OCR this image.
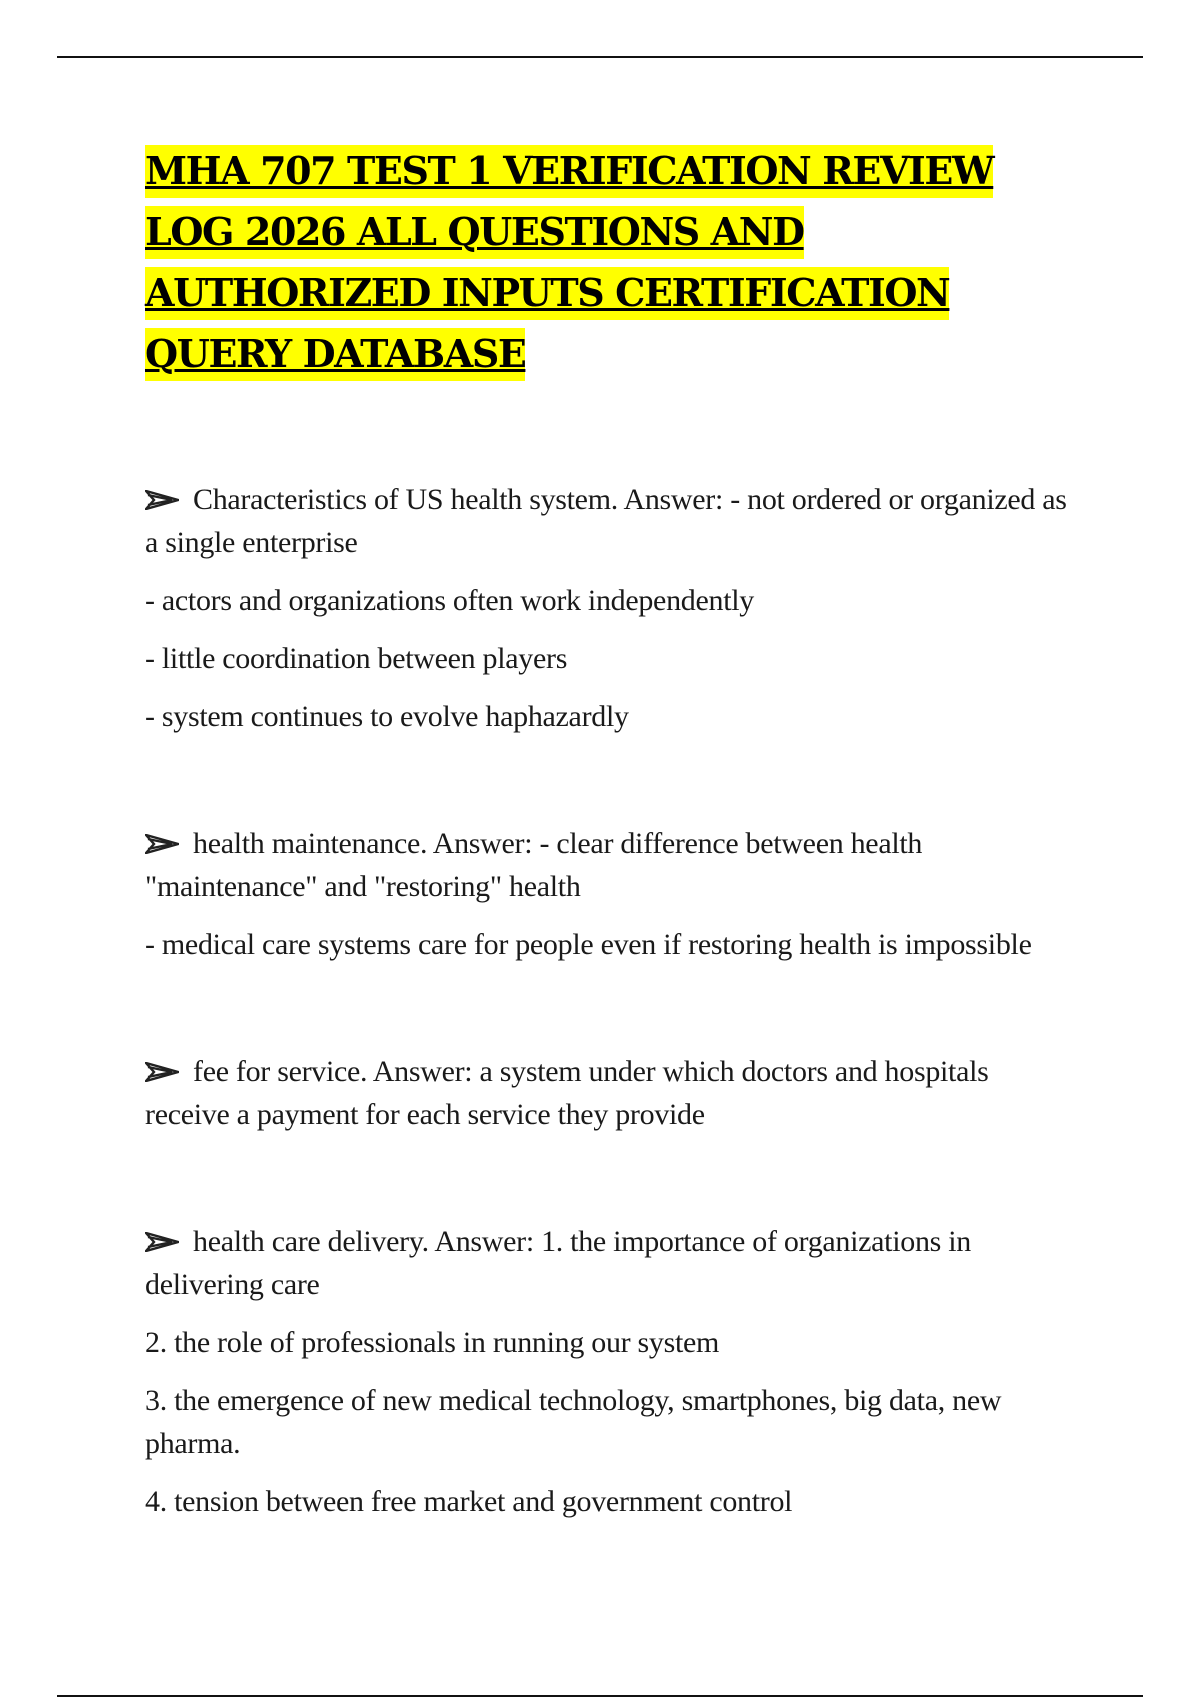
MHA 707 TEST 1 VERIFICATION REVIEW LOG 2026 ALL QUESTIONS AND AUTHORIZED INPUTS CERTIFICATION QUERY DATABASE

Characteristics of US health system. Answer: - not ordered or organized as a single enterprise

- actors and organizations often work independently

- little coordination between players

- system continues to evolve haphazardly

health maintenance. Answer: - clear difference between health "maintenance" and "restoring" health

- medical care systems care for people even if restoring health is impossible

fee for service. Answer: a system under which doctors and hospitals receive a payment for each service they provide

health care delivery. Answer: 1. the importance of organizations in delivering care

2. the role of professionals in running our system

3. the emergence of new medical technology, smartphones, big data, new pharma.

4. tension between free market and government control
